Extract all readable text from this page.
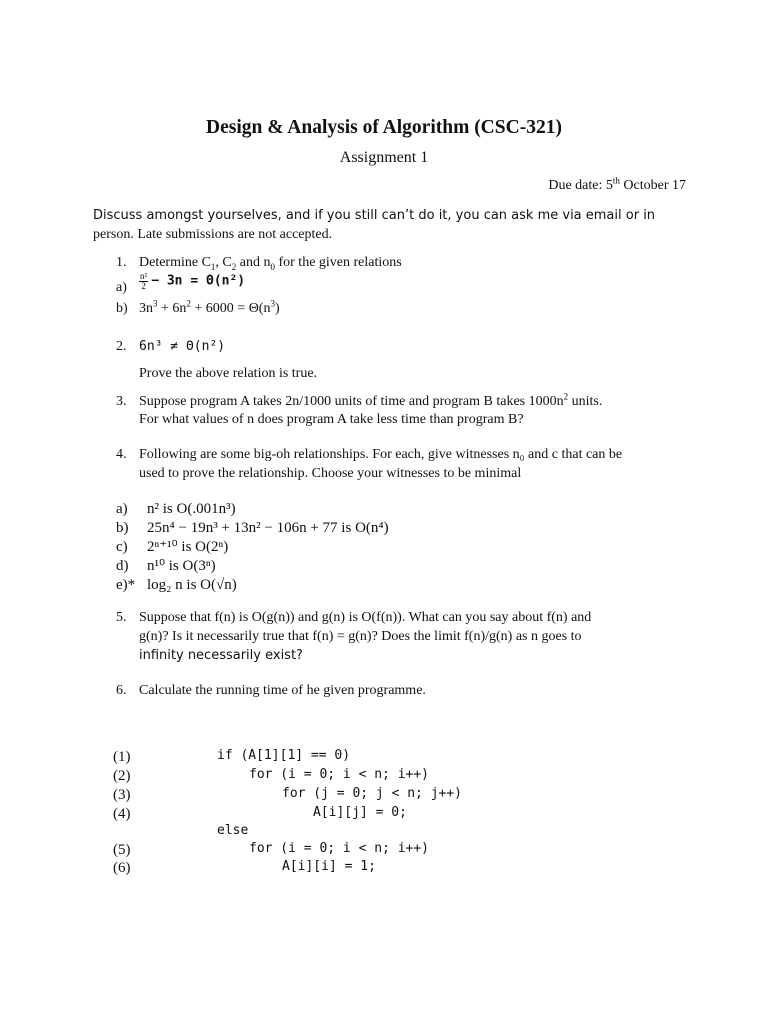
Design & Analysis of Algorithm (CSC-321)
Assignment 1
Due date: 5th October 17
Discuss amongst yourselves, and if you still can’t do it, you can ask me via email or in
person. Late submissions are not accepted.
1. Determine $C_1$, $C_2$ and $n_0$ for the given relations
$a) \frac{\text{n²}}{2} - 3n = \Theta(n^2)$
b) $3n^3 + 6n^2 + 6000 = \Theta(n^3)$
2. 6n³ ≠ Θ(n²)
Prove the above relation is true.
3. Suppose program A takes 2n/1000 units of time and program B takes $1000n^2$ units.
For what values of n does program A take less time than program B?
4. Following are some big-oh relationships. For each, give witnesses n₀ and c that can be
used to prove the relationship. Choose your witnesses to be minimal
a) n² is O(.001n³)
b) 25n⁴ − 19n³ + 13n² − 106n + 77 is O(n⁴)
c) 2ⁿ⁺¹⁰ is O(2ⁿ)
d) n¹⁰ is O(3ⁿ)
e)* log₂ n is O(√n)
5. Suppose that f(n) is O(g(n)) and g(n) is O(f(n)). What can you say about f(n) and
g(n)? Is it necessarily true that f(n) = g(n)? Does the limit f(n)/g(n) as n goes to
infinity necessarily exist?
6. Calculate the running time of he given programme.
(1)	if (A[1][1] == 0)
(2)	for (i = 0; i < n; i++)
(3)	for (j = 0; j < n; j++)
(4)	A[i][j] = 0;
else
(5)	for (i = 0; i < n; i++)
(6)	A[i][i] = 1;
